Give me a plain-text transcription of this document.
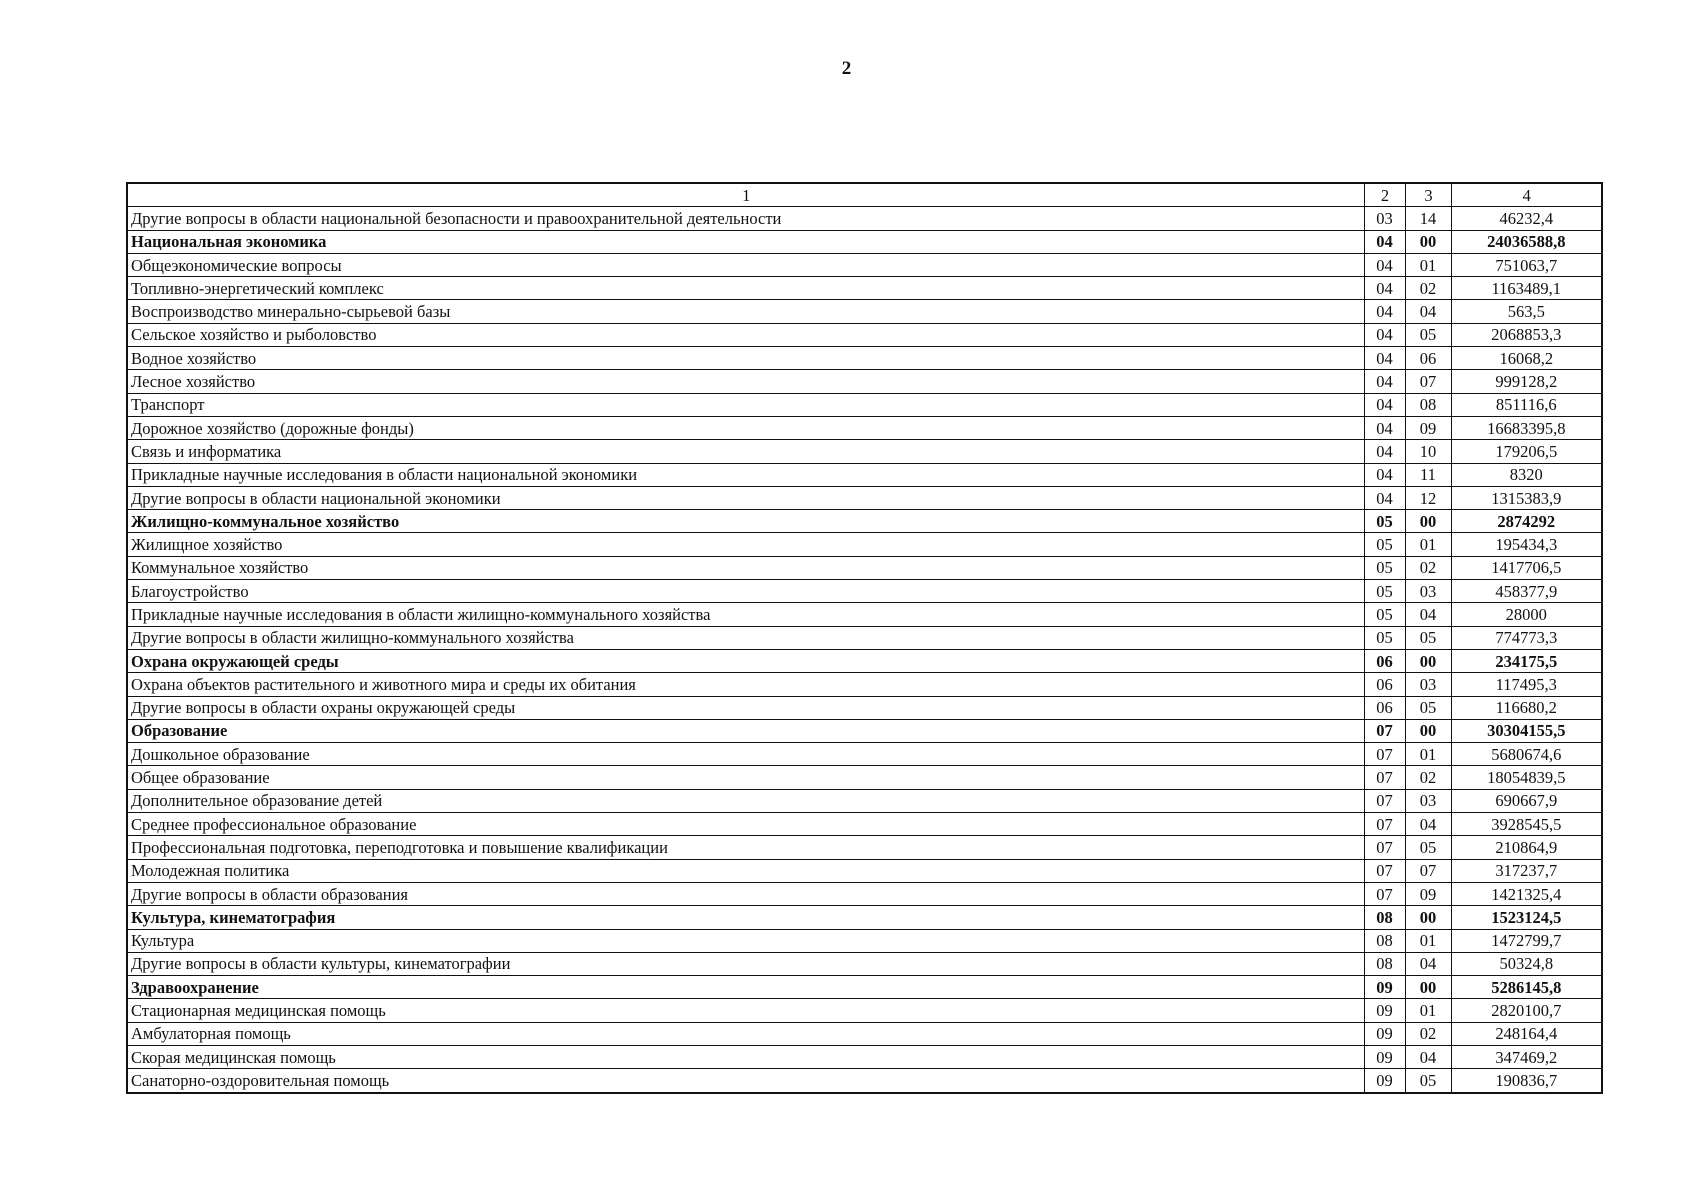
2
1	2	3	4
Другие вопросы в области национальной безопасности и правоохранительной деятельности	03	14	46232,4
Национальная экономика	04	00	24036588,8
Общеэкономические вопросы	04	01	751063,7
Топливно-энергетический комплекс	04	02	1163489,1
Воспроизводство минерально-сырьевой базы	04	04	563,5
Сельское хозяйство и рыболовство	04	05	2068853,3
Водное хозяйство	04	06	16068,2
Лесное хозяйство	04	07	999128,2
Транспорт	04	08	851116,6
Дорожное хозяйство (дорожные фонды)	04	09	16683395,8
Связь и информатика	04	10	179206,5
Прикладные научные исследования в области национальной экономики	04	11	8320
Другие вопросы в области национальной экономики	04	12	1315383,9
Жилищно-коммунальное хозяйство	05	00	2874292
Жилищное хозяйство	05	01	195434,3
Коммунальное хозяйство	05	02	1417706,5
Благоустройство	05	03	458377,9
Прикладные научные исследования в области жилищно-коммунального хозяйства	05	04	28000
Другие вопросы в области жилищно-коммунального хозяйства	05	05	774773,3
Охрана окружающей среды	06	00	234175,5
Охрана объектов растительного и животного мира и среды их обитания	06	03	117495,3
Другие вопросы в области охраны окружающей среды	06	05	116680,2
Образование	07	00	30304155,5
Дошкольное образование	07	01	5680674,6
Общее образование	07	02	18054839,5
Дополнительное образование детей	07	03	690667,9
Среднее профессиональное образование	07	04	3928545,5
Профессиональная подготовка, переподготовка и повышение квалификации	07	05	210864,9
Молодежная политика	07	07	317237,7
Другие вопросы в области образования	07	09	1421325,4
Культура, кинематография	08	00	1523124,5
Культура	08	01	1472799,7
Другие вопросы в области культуры, кинематографии	08	04	50324,8
Здравоохранение	09	00	5286145,8
Стационарная медицинская помощь	09	01	2820100,7
Амбулаторная помощь	09	02	248164,4
Скорая медицинская помощь	09	04	347469,2
Санаторно-оздоровительная помощь	09	05	190836,7
